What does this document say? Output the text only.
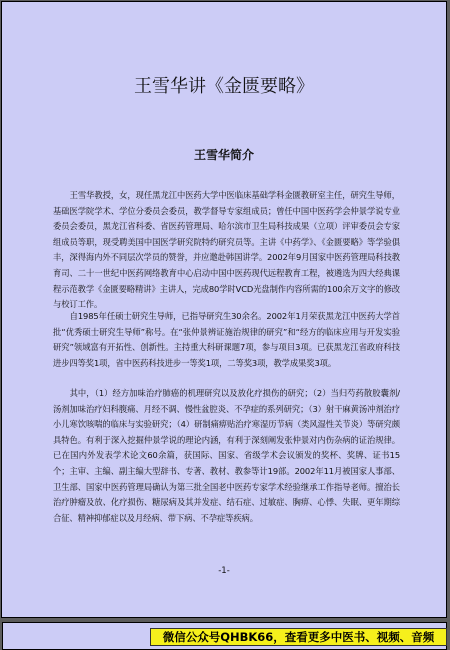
王雪华讲《金匮要略》
王雪华简介

王雪华教授，女，现任黑龙江中医药大学中医临床基础学科金匮教研室主任，研究生导师，基础医学院学术、学位分委员会委员，教学督导专家组成员；曾任中国中医药学会仲景学说专业委员会委员，黑龙江省科委、省医药管理局、哈尔滨市卫生局科技成果（立项）评审委员会专家组成员等职，现受聘美国中国医学研究院特约研究员等。主讲《中药学》、《金匮要略》等学验俱丰，深得海内外不同层次学员的赞誉，并应邀赴韩国讲学。2002年9月国家中医药管理局科技教育司、二十一世纪中医药网络教育中心启动中国中医药现代远程教育工程，被遴选为四大经典课程示范教学《金匮要略精讲》主讲人，完成80学时VCD光盘制作内容所需的100余万文字的修改与校订工作。

自1985年任硕士研究生导师，已指导研究生30余名。2002年1月荣获黑龙江中医药大学首批“优秀硕士研究生导师”称号。在“张仲景辨证施治规律的研究”和“经方的临床应用与开发实验研究”领域富有开拓性、创新性。主持重大科研课题7项，参与项目3项。已获黑龙江省政府科技进步四等奖1项，省中医药科技进步一等奖1项，二等奖3项，教学成果奖3项。

其中，（1）经方加味治疗肺癌的机理研究以及放化疗损伤的研究；（2）当归芍药散胶囊剂/汤剂加味治疗妇科腹痛、月经不调、慢性盆腔炎、不孕症的系列研究；（3）射干麻黄汤冲剂治疗小儿寒饮咳喘的临床与实验研究；（4）研制痛痹贴治疗寒湿历节病（类风湿性关节炎）等研究颇具特色。有利于深入挖掘仲景学说的理论内涵，有利于深刻阐发张仲景对内伤杂病的证治规律。已在国内外发表学术论文60余篇，获国际、国家、省级学术会议颁发的奖杯、奖牌、证书15个；主审、主编、副主编大型辞书、专著、教材、教参等计19部。2002年11月被国家人事部、卫生部、国家中医药管理局确认为第三批全国老中医药专家学术经验继承工作指导老师。擅治长治疗肿瘤及放、化疗损伤、糖尿病及其并发症、结石症、过敏症、胸痹、心悸、失眠、更年期综合征、精神抑郁症以及月经病、带下病、不孕症等疾病。

-1-
微信公众号QHBK66，查看更多中医书、视频、音频
